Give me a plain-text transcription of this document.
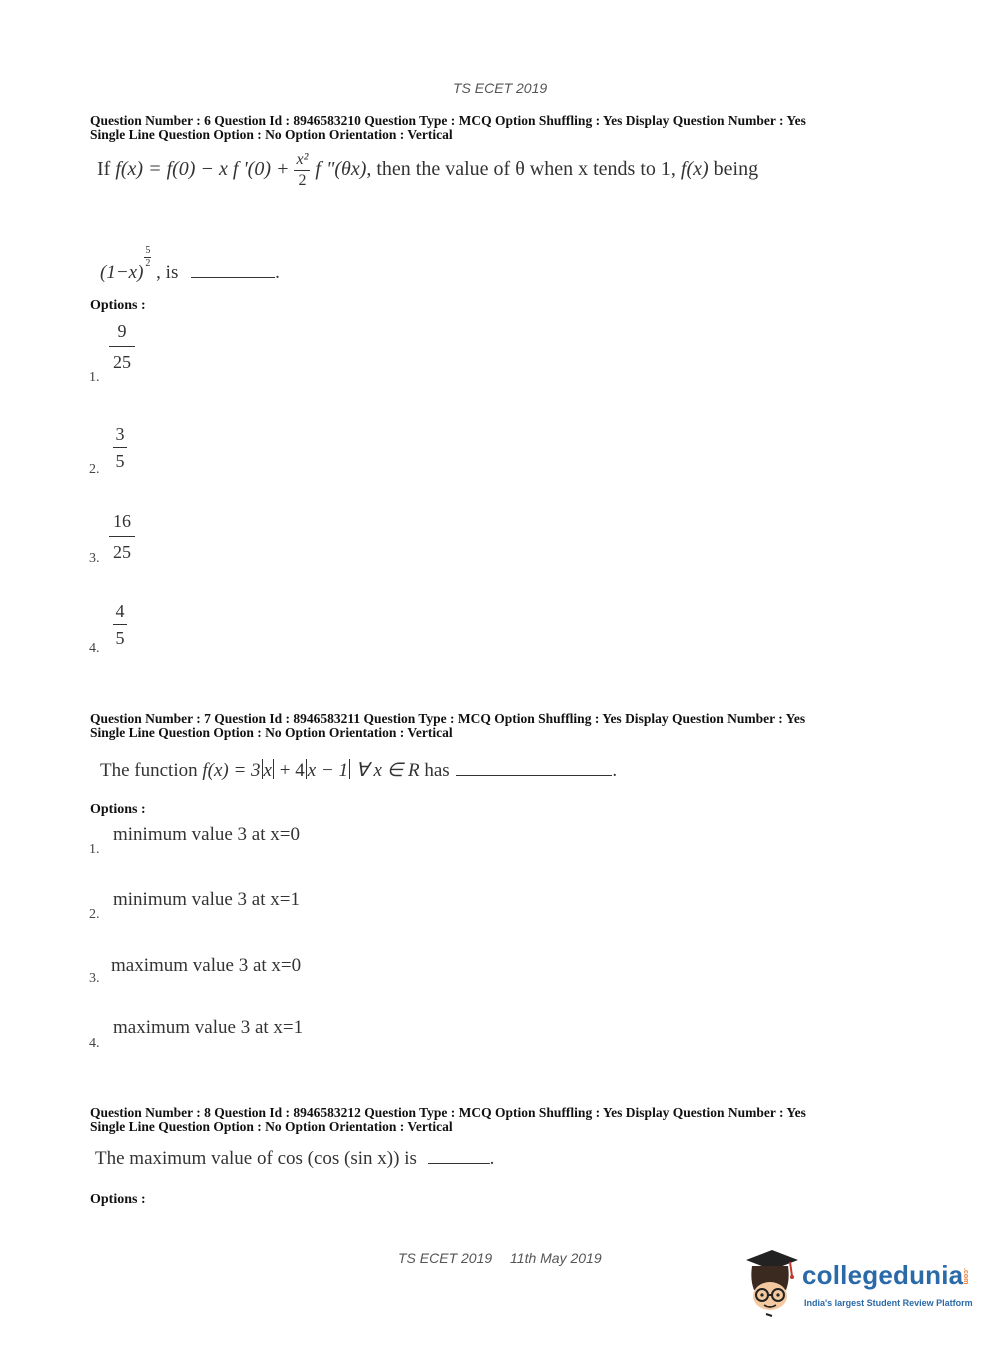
TS ECET 2019
Question Number : 6 Question Id : 8946583210 Question Type : MCQ Option Shuffling : Yes Display Question Number : Yes
Single Line Question Option : No Option Orientation : Vertical
If f(x) = f(0) − x f '$(0) + \frac{\text{x²}}{2}$ f "(θx), then the value of θ when x tends to 1, f(x) being
(1−x)
$\frac{5}{2}$
, is	.
Options :
9
25
1.
3
5
2.
16
25
3.
4
5
4.
Question Number : 7 Question Id : 8946583211 Question Type : MCQ Option Shuffling : Yes Display Question Number : Yes
Single Line Question Option : No Option Orientation : Vertical
The function f(x) = 3 x + 4 x − 1 ∀ x ∈ R has	.
Options :
minimum value 3 at x=0
1.
minimum value 3 at x=1
2.
maximum value 3 at x=0
3.
maximum value 3 at x=1
4.
Question Number : 8 Question Id : 8946583212 Question Type : MCQ Option Shuffling : Yes Display Question Number : Yes
Single Line Question Option : No Option Orientation : Vertical
The maximum value of cos (cos (sin x)) is	.
Options :
TS ECET 2019 11th May 2019
collegedunia
.com
India's largest Student Review Platform
